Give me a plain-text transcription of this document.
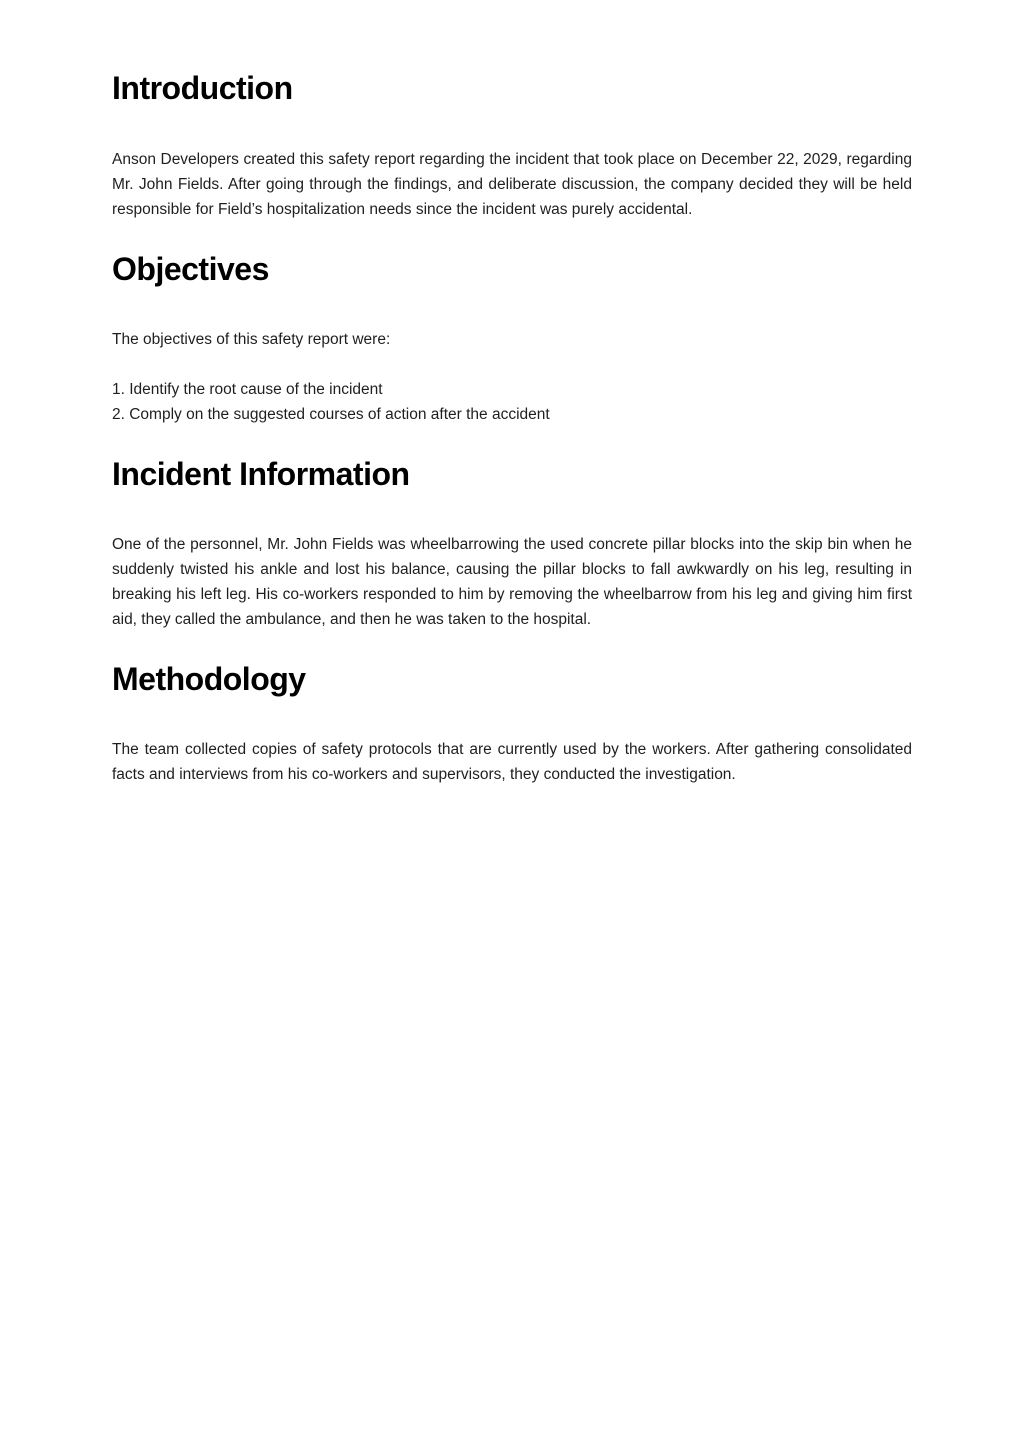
Introduction

Anson Developers created this safety report regarding the incident that took place on December 22, 2029, regarding Mr. John Fields. After going through the findings, and deliberate discussion, the company decided they will be held responsible for Field’s hospitalization needs since the incident was purely accidental.

Objectives

The objectives of this safety report were:

1. Identify the root cause of the incident
2. Comply on the suggested courses of action after the accident
Incident Information

One of the personnel, Mr. John Fields was wheelbarrowing the used concrete pillar blocks into the skip bin when he suddenly twisted his ankle and lost his balance, causing the pillar blocks to fall awkwardly on his leg, resulting in breaking his left leg. His co-workers responded to him by removing the wheelbarrow from his leg and giving him first aid, they called the ambulance, and then he was taken to the hospital.

Methodology

The team collected copies of safety protocols that are currently used by the workers. After gathering consolidated facts and interviews from his co-workers and supervisors, they conducted the investigation.
